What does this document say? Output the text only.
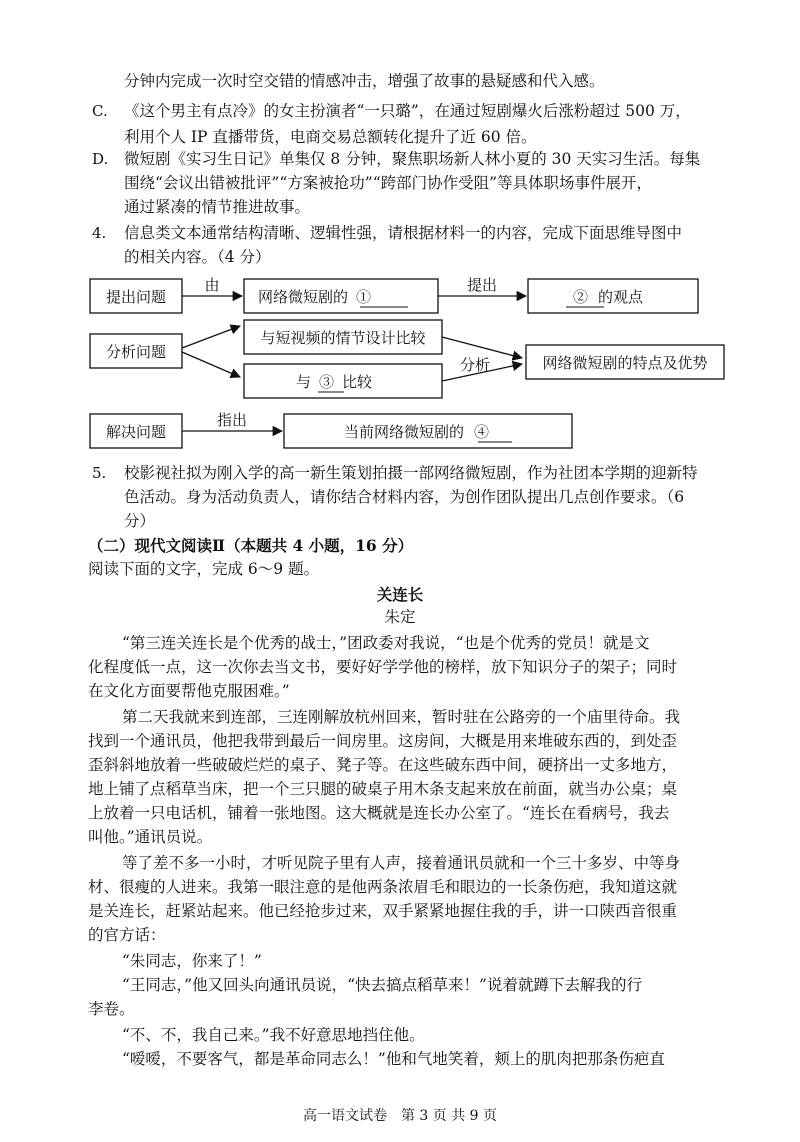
分钟内完成一次时空交错的情感冲击，增强了故事的悬疑感和代入感。
C. 《这个男主有点冷》的女主扮演者“一只璐”，在通过短剧爆火后涨粉超过 500 万，
利用个人 IP 直播带货，电商交易总额转化提升了近 60 倍。
D. 微短剧《实习生日记》单集仅 8 分钟，聚焦职场新人林小夏的 30 天实习生活。每集
围绕“会议出错被批评”“方案被抢功”“跨部门协作受阻”等具体职场事件展开，
通过紧凑的情节推进故事。
4. 信息类文本通常结构清晰、逻辑性强，请根据材料一的内容，完成下面思维导图中
的相关内容。（4 分）
提出问题
分析问题
解决问题
由
网络微短剧的 ①
提出
② 的观点
与短视频的情节设计比较
与 ③ 比较
分析	网络微短剧的特点及优势
指出
当前网络微短剧的 ④
5. 校影视社拟为刚入学的高一新生策划拍摄一部网络微短剧，作为社团本学期的迎新特
色活动。身为活动负责人，请你结合材料内容，为创作团队提出几点创作要求。（6
分）
（二）现代文阅读Ⅱ（本题共 4 小题，16 分）
阅读下面的文字，完成 6～9 题。
关连长
朱定
“第三连关连长是个优秀的战士，”团政委对我说，“也是个优秀的党员！就是文
化程度低一点，这一次你去当文书，要好好学学他的榜样，放下知识分子的架子；同时
在文化方面要帮他克服困难。”
第二天我就来到连部，三连刚解放杭州回来，暂时驻在公路旁的一个庙里待命。我
找到一个通讯员，他把我带到最后一间房里。这房间，大概是用来堆破东西的，到处歪
歪斜斜地放着一些破破烂烂的桌子、凳子等。在这些破东西中间，硬挤出一丈多地方，
地上铺了点稻草当床，把一个三只腿的破桌子用木条支起来放在前面，就当办公桌；桌
上放着一只电话机，铺着一张地图。这大概就是连长办公室了。“连长在看病号，我去
叫他。”通讯员说。
等了差不多一小时，才听见院子里有人声，接着通讯员就和一个三十多岁、中等身
材、很瘦的人进来。我第一眼注意的是他两条浓眉毛和眼边的一长条伤疤，我知道这就
是关连长，赶紧站起来。他已经抢步过来，双手紧紧地握住我的手，讲一口陕西音很重
的官方话：
“朱同志，你来了！”
“王同志，”他又回头向通讯员说，“快去搞点稻草来！”说着就蹲下去解我的行
李卷。
“不、不，我自己来。”我不好意思地挡住他。
“嗳嗳，不要客气，都是革命同志么！”他和气地笑着，颊上的肌肉把那条伤疤直
高一语文试卷　第 3 页 共 9 页
